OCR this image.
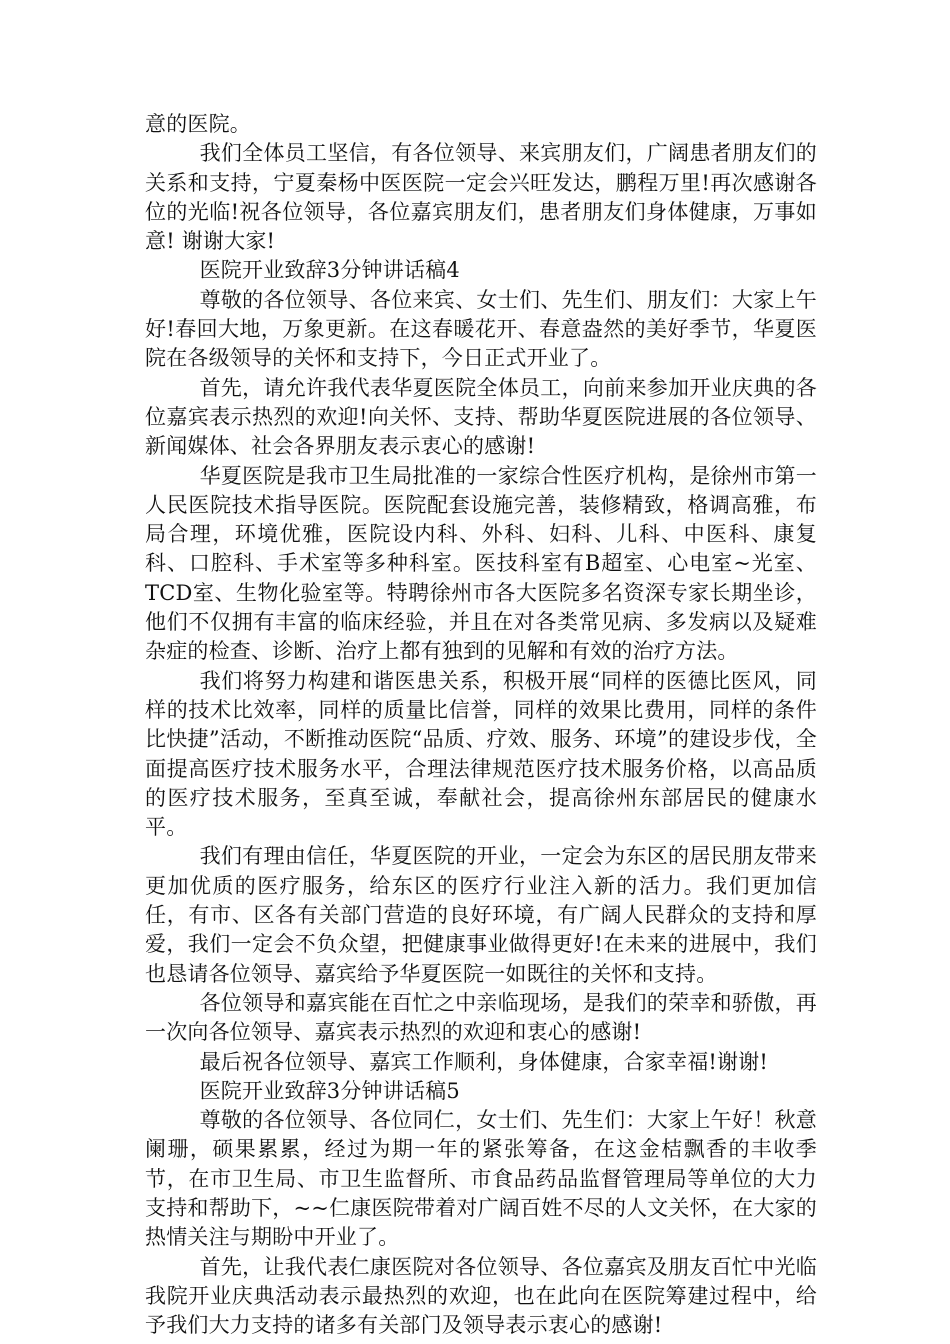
意的医院。

我们全体员工坚信，有各位领导、来宾朋友们，广阔患者朋友们的关系和支持，宁夏秦杨中医医院一定会兴旺发达，鹏程万里!再次感谢各位的光临!祝各位领导，各位嘉宾朋友们，患者朋友们身体健康，万事如意! 谢谢大家!

医院开业致辞3分钟讲话稿4

尊敬的各位领导、各位来宾、女士们、先生们、朋友们：大家上午好!春回大地，万象更新。在这春暖花开、春意盎然的美好季节，华夏医院在各级领导的关怀和支持下，今日正式开业了。

首先，请允许我代表华夏医院全体员工，向前来参加开业庆典的各位嘉宾表示热烈的欢迎!向关怀、支持、帮助华夏医院进展的各位领导、新闻媒体、社会各界朋友表示衷心的感谢!

华夏医院是我市卫生局批准的一家综合性医疗机构，是徐州市第一人民医院技术指导医院。医院配套设施完善，装修精致，格调高雅，布局合理，环境优雅，医院设内科、外科、妇科、儿科、中医科、康复科、口腔科、手术室等多种科室。医技科室有B超室、心电室~光室、TCD室、生物化验室等。特聘徐州市各大医院多名资深专家长期坐诊，他们不仅拥有丰富的临床经验，并且在对各类常见病、多发病以及疑难杂症的检查、诊断、治疗上都有独到的见解和有效的治疗方法。

我们将努力构建和谐医患关系，积极开展“同样的医德比医风，同样的技术比效率，同样的质量比信誉，同样的效果比费用，同样的条件比快捷”活动，不断推动医院“品质、疗效、服务、环境”的建设步伐，全面提高医疗技术服务水平，合理法律规范医疗技术服务价格，以高品质的医疗技术服务，至真至诚，奉献社会，提高徐州东部居民的健康水平。

我们有理由信任，华夏医院的开业，一定会为东区的居民朋友带来更加优质的医疗服务，给东区的医疗行业注入新的活力。我们更加信任，有市、区各有关部门营造的良好环境，有广阔人民群众的支持和厚爱，我们一定会不负众望，把健康事业做得更好!在未来的进展中，我们也恳请各位领导、嘉宾给予华夏医院一如既往的关怀和支持。

各位领导和嘉宾能在百忙之中亲临现场，是我们的荣幸和骄傲，再一次向各位领导、嘉宾表示热烈的欢迎和衷心的感谢!

最后祝各位领导、嘉宾工作顺利，身体健康，合家幸福!谢谢!

医院开业致辞3分钟讲话稿5

尊敬的各位领导、各位同仁，女士们、先生们：大家上午好！秋意阑珊，硕果累累，经过为期一年的紧张筹备，在这金桔飘香的丰收季节，在市卫生局、市卫生监督所、市食品药品监督管理局等单位的大力支持和帮助下，~~仁康医院带着对广阔百姓不尽的人文关怀，在大家的热情关注与期盼中开业了。

首先，让我代表仁康医院对各位领导、各位嘉宾及朋友百忙中光临我院开业庆典活动表示最热烈的欢迎，也在此向在医院筹建过程中，给予我们大力支持的诸多有关部门及领导表示衷心的感谢!
